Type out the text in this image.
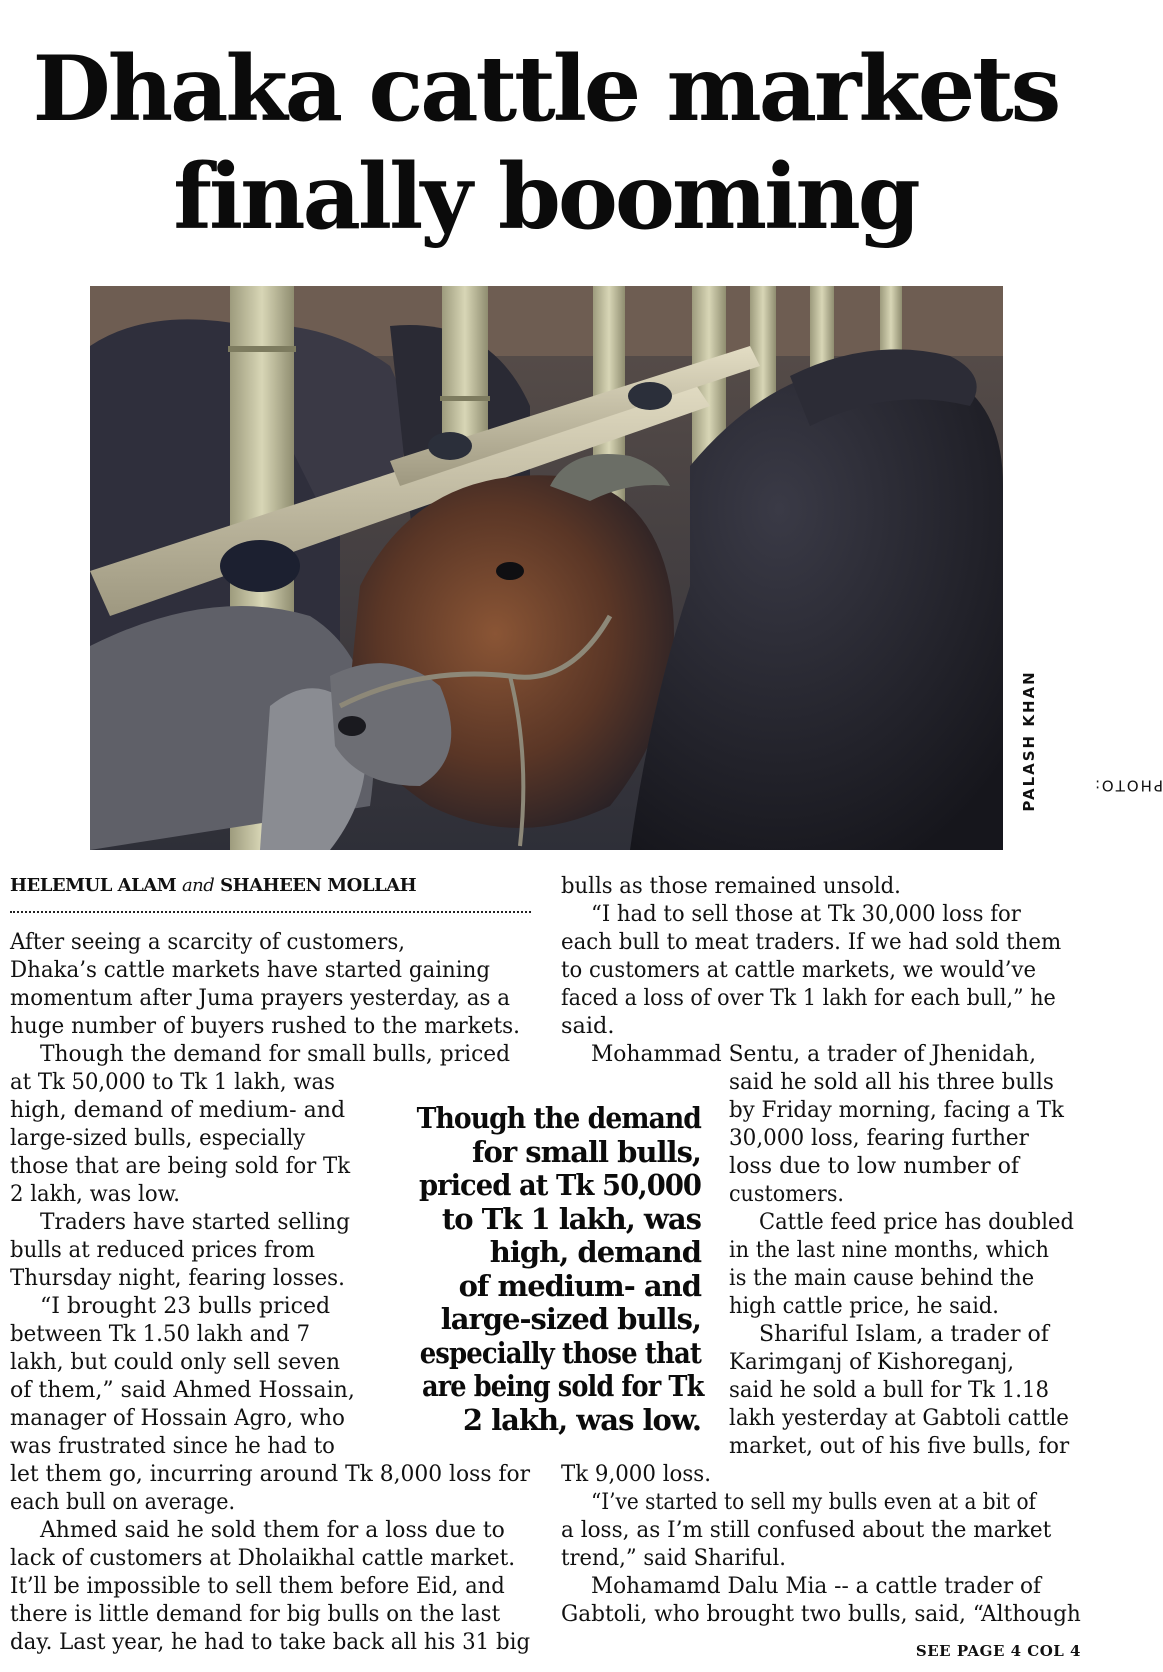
Dhaka cattle markets
finally booming
PHOTO:
PALASH KHAN
HELEMUL ALAM and SHAHEEN MOLLAH
After seeing a scarcity of customers,
Dhaka’s cattle markets have started gaining
momentum after Juma prayers yesterday, as a
huge number of buyers rushed to the markets.
Though the demand for small bulls, priced
at Tk 50,000 to Tk 1 lakh, was
high, demand of medium- and
large-sized bulls, especially
those that are being sold for Tk
2 lakh, was low.
Traders have started selling
bulls at reduced prices from
Thursday night, fearing losses.
“I brought 23 bulls priced
between Tk 1.50 lakh and 7
lakh, but could only sell seven
of them,” said Ahmed Hossain,
manager of Hossain Agro, who
was frustrated since he had to
let them go, incurring around Tk 8,000 loss for
each bull on average.
Ahmed said he sold them for a loss due to
lack of customers at Dholaikhal cattle market.
It’ll be impossible to sell them before Eid, and
there is little demand for big bulls on the last
day. Last year, he had to take back all his 31 big
bulls as those remained unsold.
“I had to sell those at Tk 30,000 loss for
each bull to meat traders. If we had sold them
to customers at cattle markets, we would’ve
faced a loss of over Tk 1 lakh for each bull,” he
said.
Mohammad Sentu, a trader of Jhenidah,
said he sold all his three bulls
by Friday morning, facing a Tk
30,000 loss, fearing further
loss due to low number of
customers.
Cattle feed price has doubled
in the last nine months, which
is the main cause behind the
high cattle price, he said.
Shariful Islam, a trader of
Karimganj of Kishoreganj,
said he sold a bull for Tk 1.18
lakh yesterday at Gabtoli cattle
market, out of his five bulls, for
Tk 9,000 loss.
“I’ve started to sell my bulls even at a bit of
a loss, as I’m still confused about the market
trend,” said Shariful.
Mohamamd Dalu Mia -- a cattle trader of
Gabtoli, who brought two bulls, said, “Although
Though the demand
for small bulls,
priced at Tk 50,000
to Tk 1 lakh, was
high, demand
of medium- and
large-sized bulls,
especially those that
are being sold for Tk
2 lakh, was low.
SEE PAGE 4 COL 4
